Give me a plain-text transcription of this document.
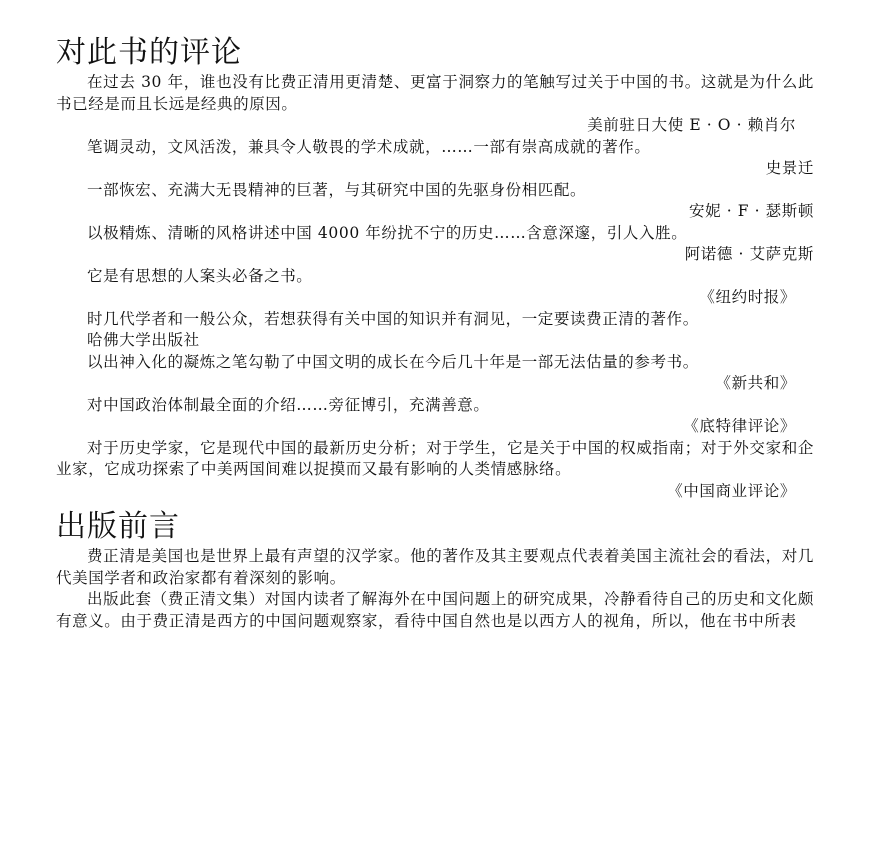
对此书的评论

在过去 30 年，谁也没有比费正清用更清楚、更富于洞察力的笔触写过关于中国的书。这就是为什么此书已经是而且长远是经典的原因。

美前驻日大使 E · O · 赖肖尔

笔调灵动，文风活泼，兼具令人敬畏的学术成就，……一部有崇高成就的著作。

史景迁

一部恢宏、充满大无畏精神的巨著，与其研究中国的先驱身份相匹配。

安妮 · F · 瑟斯顿

以极精炼、清晰的风格讲述中国 4000 年纷扰不宁的历史……含意深邃，引人入胜。

阿诺德 · 艾萨克斯

它是有思想的人案头必备之书。

《纽约时报》

时几代学者和一般公众，若想获得有关中国的知识并有洞见，一定要读费正清的著作。

哈佛大学出版社

以出神入化的凝炼之笔勾勒了中国文明的成长在今后几十年是一部无法估量的参考书。

《新共和》

对中国政治体制最全面的介绍……旁征博引，充满善意。

《底特律评论》

对于历史学家，它是现代中国的最新历史分析；对于学生，它是关于中国的权威指南；对于外交家和企业家，它成功探索了中美两国间难以捉摸而又最有影响的人类情感脉络。

《中国商业评论》

出版前言

费正清是美国也是世界上最有声望的汉学家。他的著作及其主要观点代表着美国主流社会的看法，对几代美国学者和政治家都有着深刻的影响。

出版此套（费正清文集）对国内读者了解海外在中国问题上的研究成果，冷静看待自己的历史和文化颇有意义。由于费正清是西方的中国问题观察家，看待中国自然也是以西方人的视角，所以，他在书中所表
